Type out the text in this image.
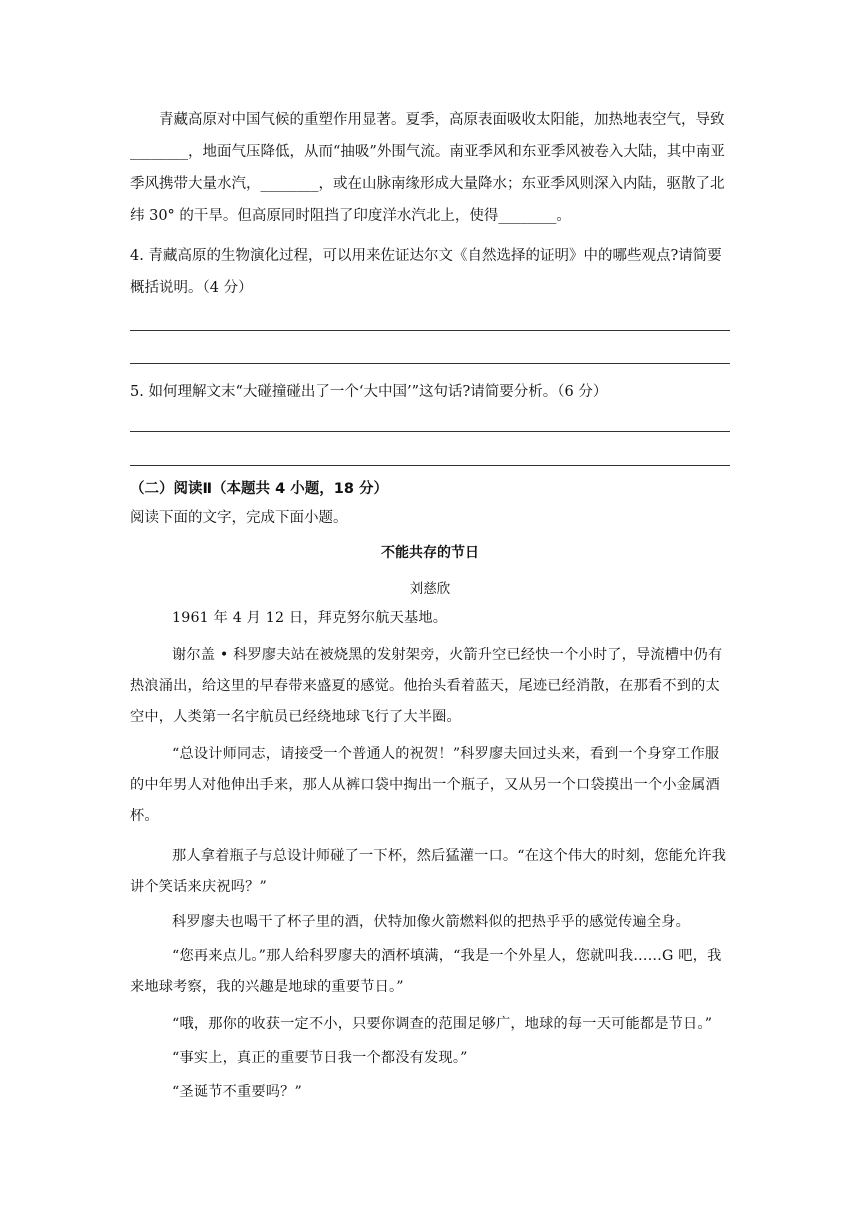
青藏高原对中国气候的重塑作用显著。夏季，高原表面吸收太阳能，加热地表空气，导致________，地面气压降低，从而“抽吸”外围气流。南亚季风和东亚季风被卷入大陆，其中南亚季风携带大量水汽，________，或在山脉南缘形成大量降水；东亚季风则深入内陆，驱散了北纬 30° 的干旱。但高原同时阻挡了印度洋水汽北上，使得________。
4. 青藏高原的生物演化过程，可以用来佐证达尔文《自然选择的证明》中的哪些观点?请简要概括说明。（4 分）
5. 如何理解文末“大碰撞碰出了一个‘大中国’”这句话?请简要分析。（6 分）
（二）阅读Ⅱ（本题共 4 小题，18 分）
阅读下面的文字，完成下面小题。
不能共存的节日
刘慈欣
1961 年 4 月 12 日，拜克努尔航天基地。
谢尔盖 • 科罗廖夫站在被烧黑的发射架旁，火箭升空已经快一个小时了，导流槽中仍有热浪涌出，给这里的早春带来盛夏的感觉。他抬头看着蓝天，尾迹已经消散，在那看不到的太空中，人类第一名宇航员已经绕地球飞行了大半圈。
“总设计师同志，请接受一个普通人的祝贺！”科罗廖夫回过头来，看到一个身穿工作服的中年男人对他伸出手来，那人从裤口袋中掏出一个瓶子，又从另一个口袋摸出一个小金属酒杯。
那人拿着瓶子与总设计师碰了一下杯，然后猛灌一口。“在这个伟大的时刻，您能允许我讲个笑话来庆祝吗？”
科罗廖夫也喝干了杯子里的酒，伏特加像火箭燃料似的把热乎乎的感觉传遍全身。
“您再来点儿。”那人给科罗廖夫的酒杯填满，“我是一个外星人，您就叫我……G 吧，我来地球考察，我的兴趣是地球的重要节日。”
“哦，那你的收获一定不小，只要你调查的范围足够广，地球的每一天可能都是节日。”
“事实上，真正的重要节日我一个都没有发现。”
“圣诞节不重要吗？”
